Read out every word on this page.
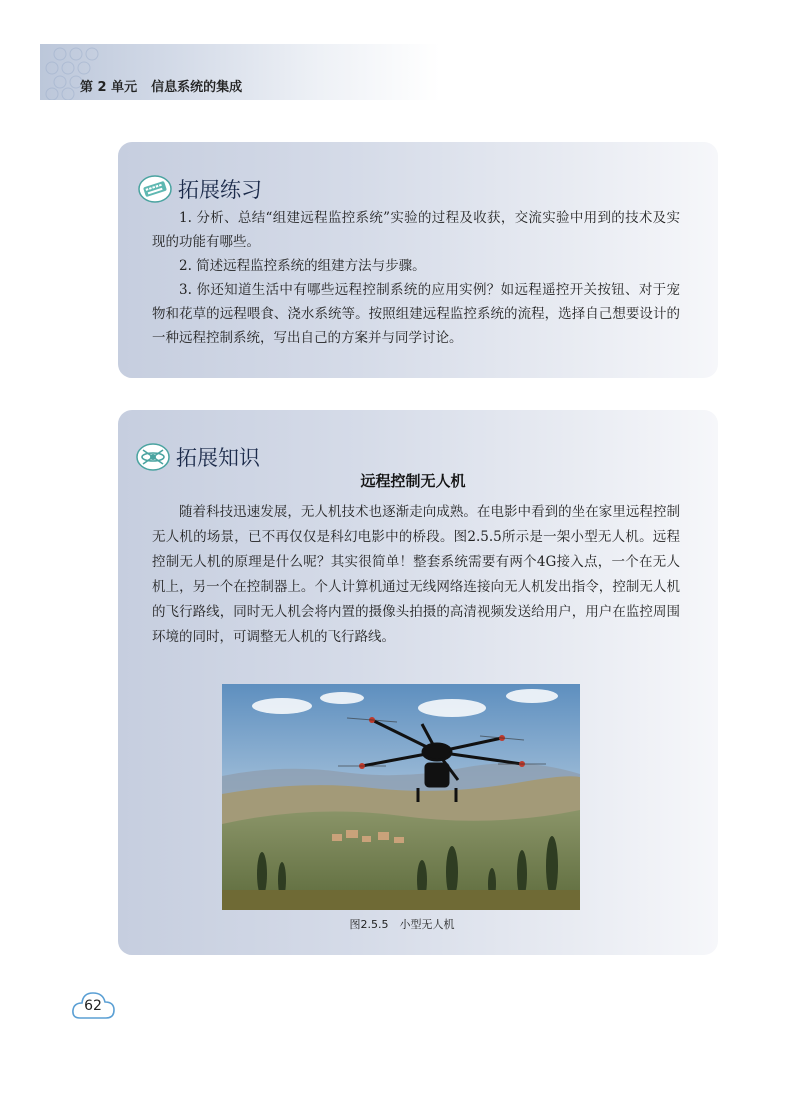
第 2 单元 信息系统的集成
拓展练习

1. 分析、总结“组建远程监控系统”实验的过程及收获，交流实验中用到的技术及实现的功能有哪些。

2. 简述远程监控系统的组建方法与步骤。

3. 你还知道生活中有哪些远程控制系统的应用实例？如远程遥控开关按钮、对于宠物和花草的远程喂食、浇水系统等。按照组建远程监控系统的流程，选择自己想要设计的一种远程控制系统，写出自己的方案并与同学讨论。

拓展知识
远程控制无人机

随着科技迅速发展，无人机技术也逐渐走向成熟。在电影中看到的坐在家里远程控制无人机的场景，已不再仅仅是科幻电影中的桥段。图2.5.5所示是一架小型无人机。远程控制无人机的原理是什么呢？其实很简单！整套系统需要有两个4G接入点，一个在无人机上，另一个在控制器上。个人计算机通过无线网络连接向无人机发出指令，控制无人机的飞行路线，同时无人机会将内置的摄像头拍摄的高清视频发送给用户，用户在监控周围环境的同时，可调整无人机的飞行路线。

图2.5.5　小型无人机
62
